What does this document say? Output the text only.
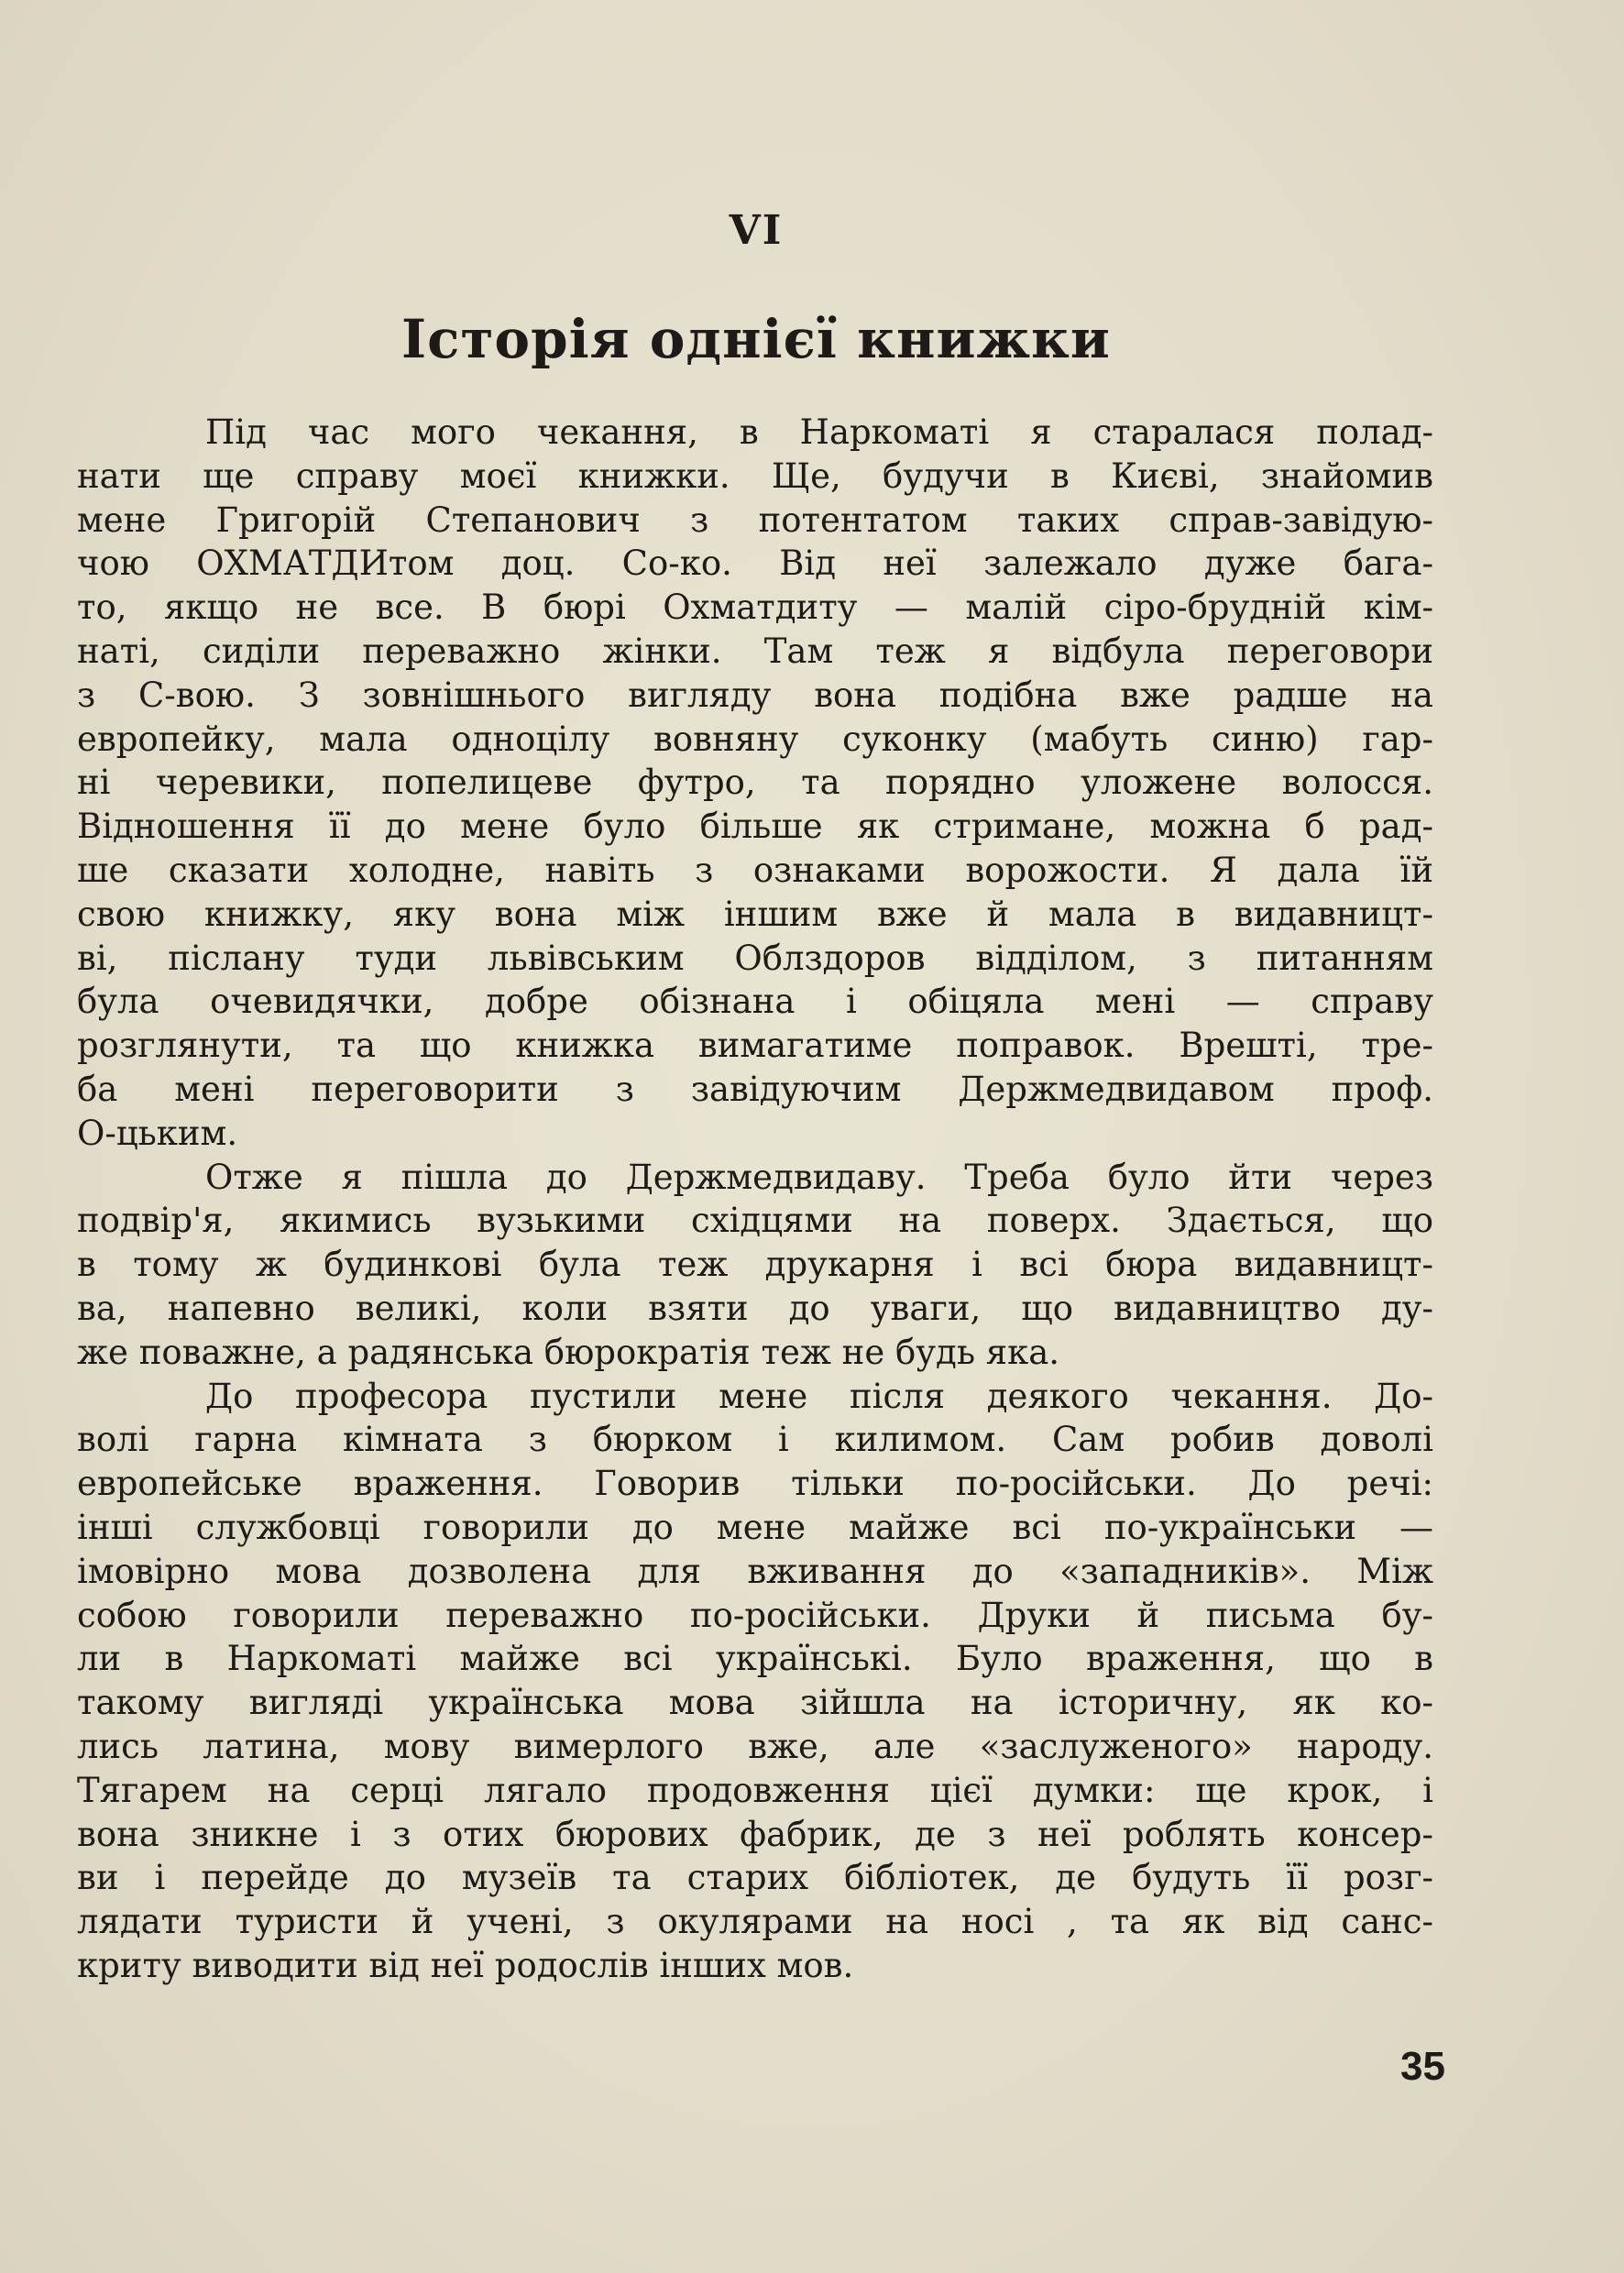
VI
Історія однієї книжки
Під час мого чекання, в Наркоматі я старалася полад-
нати ще справу моєї книжки. Ще, будучи в Києві, знайомив
мене Григорій Степанович з потентатом таких справ-завідую-
чою ОХМАТДИтом доц. Со-ко. Від неї залежало дуже бага-
то, якщо не все. В бюрі Охматдиту — малій сіро-брудній кім-
наті, сиділи переважно жінки. Там теж я відбула переговори
з С-вою. З зовнішнього вигляду вона подібна вже радше на
европейку, мала одноцілу вовняну суконку (мабуть синю) гар-
ні черевики, попелицеве футро, та порядно уложене волосся.
Відношення її до мене було більше як стримане, можна б рад-
ше сказати холодне, навіть з ознаками ворожости. Я дала їй
свою книжку, яку вона між іншим вже й мала в видавницт-
ві, післану туди львівським Облздоров відділом, з питанням
була очевидячки, добре обізнана і обіцяла мені — справу
розглянути, та що книжка вимагатиме поправок. Врешті, тре-
ба мені переговорити з завідуючим Держмедвидавом проф.
О-цьким.
Отже я пішла до Держмедвидаву. Треба було йти через
подвір'я, якимись вузькими східцями на поверх. Здається, що
в тому ж будинкові була теж друкарня і всі бюра видавницт-
ва, напевно великі, коли взяти до уваги, що видавництво ду-
же поважне, а радянська бюрократія теж не будь яка.
До професора пустили мене після деякого чекання. До-
волі гарна кімната з бюрком і килимом. Сам робив доволі
европейське враження. Говорив тільки по-російськи. До речі:
інші службовці говорили до мене майже всі по-українськи —
імовірно мова дозволена для вживання до «западників». Між
собою говорили переважно по-російськи. Друки й письма бу-
ли в Наркоматі майже всі українські. Було враження, що в
такому вигляді українська мова зійшла на історичну, як ко-
лись латина, мову вимерлого вже, але «заслуженого» народу.
Тягарем на серці лягало продовження цієї думки: ще крок, і
вона зникне і з отих бюрових фабрик, де з неї роблять консер-
ви і перейде до музеїв та старих бібліотек, де будуть її розг-
лядати туристи й учені, з окулярами на носі , та як від санс-
криту виводити від неї родослів інших мов.
35
